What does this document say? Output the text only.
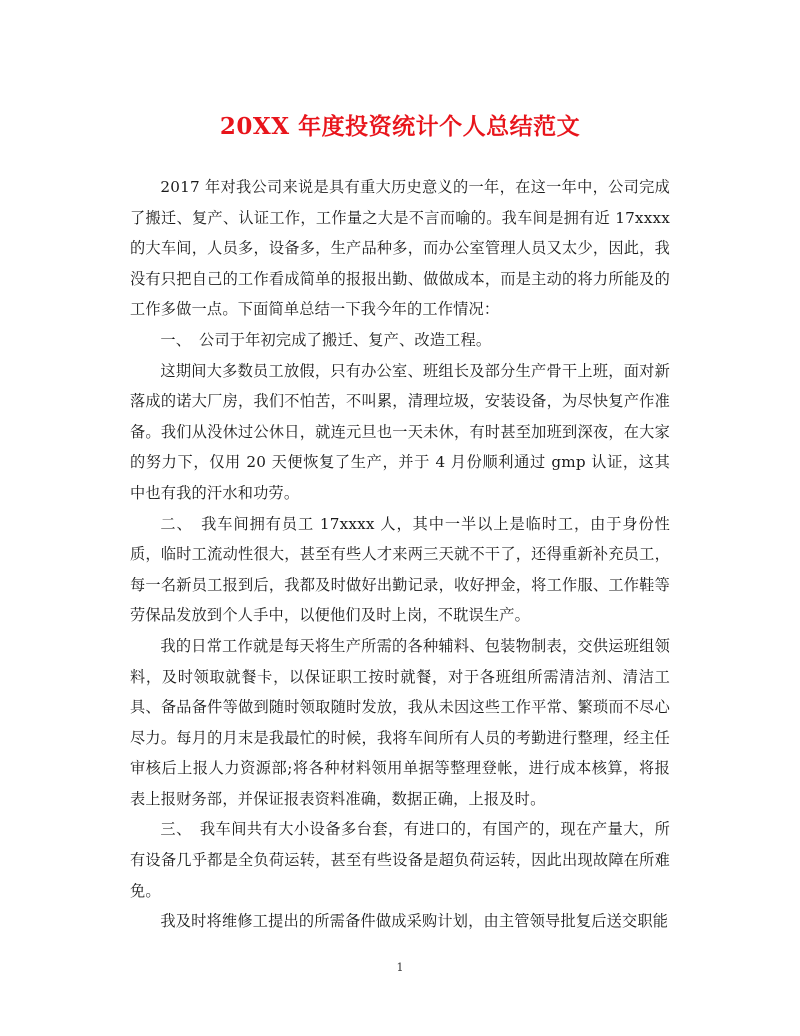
20XX 年度投资统计个人总结范文

2017 年对我公司来说是具有重大历史意义的一年，在这一年中，公司完成了搬迁、复产、认证工作，工作量之大是不言而喻的。我车间是拥有近 17xxxx 的大车间，人员多，设备多，生产品种多，而办公室管理人员又太少，因此，我没有只把自己的工作看成简单的报报出勤、做做成本，而是主动的将力所能及的工作多做一点。下面简单总结一下我今年的工作情况：

一、　公司于年初完成了搬迁、复产、改造工程。

这期间大多数员工放假，只有办公室、班组长及部分生产骨干上班，面对新落成的诺大厂房，我们不怕苦，不叫累，清理垃圾，安装设备，为尽快复产作准备。我们从没休过公休日，就连元旦也一天未休，有时甚至加班到深夜，在大家的努力下，仅用 20 天便恢复了生产，并于 4 月份顺利通过 gmp 认证，这其中也有我的汗水和功劳。

二、　我车间拥有员工 17xxxx 人，其中一半以上是临时工，由于身份性质，临时工流动性很大，甚至有些人才来两三天就不干了，还得重新补充员工，每一名新员工报到后，我都及时做好出勤记录，收好押金，将工作服、工作鞋等劳保品发放到个人手中，以便他们及时上岗，不耽误生产。

我的日常工作就是每天将生产所需的各种辅料、包装物制表，交供运班组领料，及时领取就餐卡，以保证职工按时就餐，对于各班组所需清洁剂、清洁工具、备品备件等做到随时领取随时发放，我从未因这些工作平常、繁琐而不尽心尽力。每月的月末是我最忙的时候，我将车间所有人员的考勤进行整理，经主任审核后上报人力资源部;将各种材料领用单据等整理登帐，进行成本核算，将报表上报财务部，并保证报表资料准确，数据正确，上报及时。

三、　我车间共有大小设备多台套，有进口的，有国产的，现在产量大，所有设备几乎都是全负荷运转，甚至有些设备是超负荷运转，因此出现故障在所难免。

我及时将维修工提出的所需备件做成采购计划，由主管领导批复后送交职能

1
